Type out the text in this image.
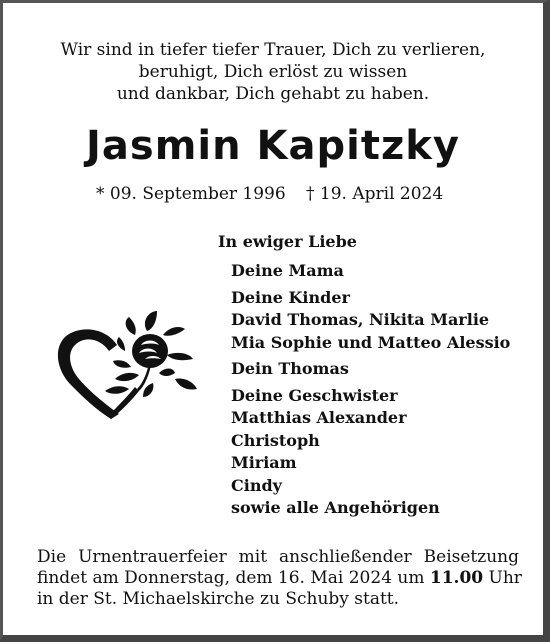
Wir sind in tiefer tiefer Trauer, Dich zu verlieren,
beruhigt, Dich erlöst zu wissen
und dankbar, Dich gehabt zu haben.
Jasmin Kapitzky
* 09. September 1996 † 19. April 2024
In ewiger Liebe
Deine Mama
Deine Kinder
David Thomas, Nikita Marlie
Mia Sophie und Matteo Alessio
Dein Thomas
Deine Geschwister
Matthias Alexander
Christoph
Miriam
Cindy
sowie alle Angehörigen
Die Urnentrauerfeier mit anschließender Beisetzung
findet am Donnerstag, dem 16. Mai 2024 um 11.00 Uhr
in der St. Michaelskirche zu Schuby statt.
